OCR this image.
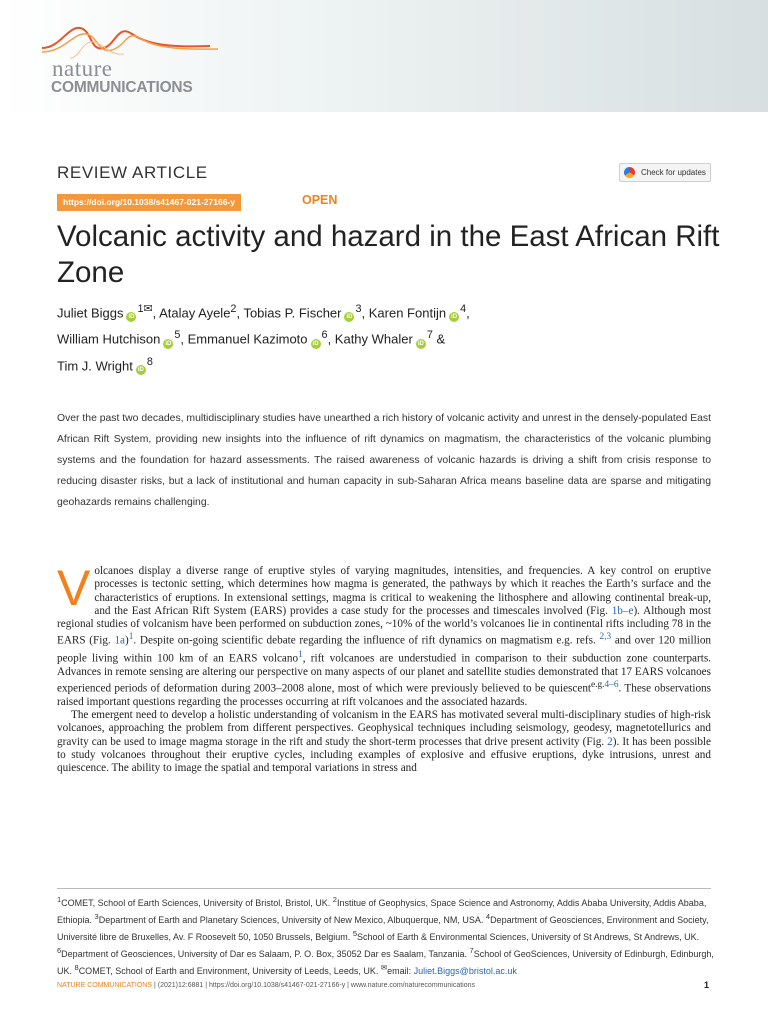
nature
COMMUNICATIONS
REVIEW ARTICLE	Check for updates
https://doi.org/10.1038/s41467-021-27166-y	OPEN
Volcanic activity and hazard in the East African Rift Zone
Juliet Biggs $iD^{1✉}$, Atalay Ayele$^2$, Tobias P. Fischer $iD^3$, Karen Fontijn $iD^4$,
William Hutchison $iD^5$, Emmanuel Kazimoto $iD^6$, Kathy Whaler $iD^7$ &
Tim J. Wright $iD^8$

Over the past two decades, multidisciplinary studies have unearthed a rich history of volcanic activity and unrest in the densely-populated East African Rift System, providing new insights into the influence of rift dynamics on magmatism, the characteristics of the volcanic plumbing systems and the foundation for hazard assessments. The raised awareness of volcanic hazards is driving a shift from crisis response to reducing disaster risks, but a lack of institutional and human capacity in sub-Saharan Africa means baseline data are sparse and mitigating geohazards remains challenging.

V olcanoes display a diverse range of eruptive styles of varying magnitudes, intensities, and frequencies. A key control on eruptive processes is tectonic setting, which determines how magma is generated, the pathways by which it reaches the Earth’s surface and the characteristics of eruptions. In extensional settings, magma is critical to weakening the lithosphere and allowing continental break-up, and the East African Rift System (EARS) provides a case study for the processes and timescales involved (Fig. 1b–e). Although most regional studies of volcanism have been performed on subduction zones, ~10% of the world’s volcanoes lie in continental rifts including 78 in the EARS (Fig. 1a)$^1$. Despite on-going scientific debate regarding the influence of rift dynamics on magmatism e.g. refs. $^{2,3}$ and over 120 million people living within 100 km of an EARS volcano$^1$, rift volcanoes are understudied in comparison to their subduction zone counterparts. Advances in remote sensing are altering our perspective on many aspects of our planet and satellite studies demonstrated that 17 EARS volcanoes experienced periods of deformation during 2003–2008 alone, most of which were previously believed to be quiescent$^{e.g.4-6}$. These observations raised important questions regarding the processes occurring at rift volcanoes and the associated hazards.

The emergent need to develop a holistic understanding of volcanism in the EARS has motivated several multi-disciplinary studies of high-risk volcanoes, approaching the problem from different perspectives. Geophysical techniques including seismology, geodesy, magnetotellurics and gravity can be used to image magma storage in the rift and study the short-term processes that drive present activity (Fig. 2). It has been possible to study volcanoes throughout their eruptive cycles, including examples of explosive and effusive eruptions, dyke intrusions, unrest and quiescence. The ability to image the spatial and temporal variations in stress and

$^1$COMET, School of Earth Sciences, University of Bristol, Bristol, UK. $^2$Institue of Geophysics, Space Science and Astronomy, Addis Ababa University, Addis Ababa, Ethiopia. $^3$Department of Earth and Planetary Sciences, University of New Mexico, Albuquerque, NM, USA. $^4$Department of Geosciences, Environment and Society, Université libre de Bruxelles, Av. F Roosevelt 50, 1050 Brussels, Belgium. $^5$School of Earth & Environmental Sciences, University of St Andrews, St Andrews, UK. $^6$Department of Geosciences, University of Dar es Salaam, P. O. Box, 35052 Dar es Saalam, Tanzania. $^7$School of GeoSciences, University of Edinburgh, Edinburgh, UK. $^8$COMET, School of Earth and Environment, University of Leeds, Leeds, UK. ✉email: Juliet.Biggs@bristol.ac.uk

NATURE COMMUNICATIONS | (2021)12:6881 | https://doi.org/10.1038/s41467-021-27166-y | www.nature.com/naturecommunications	1
